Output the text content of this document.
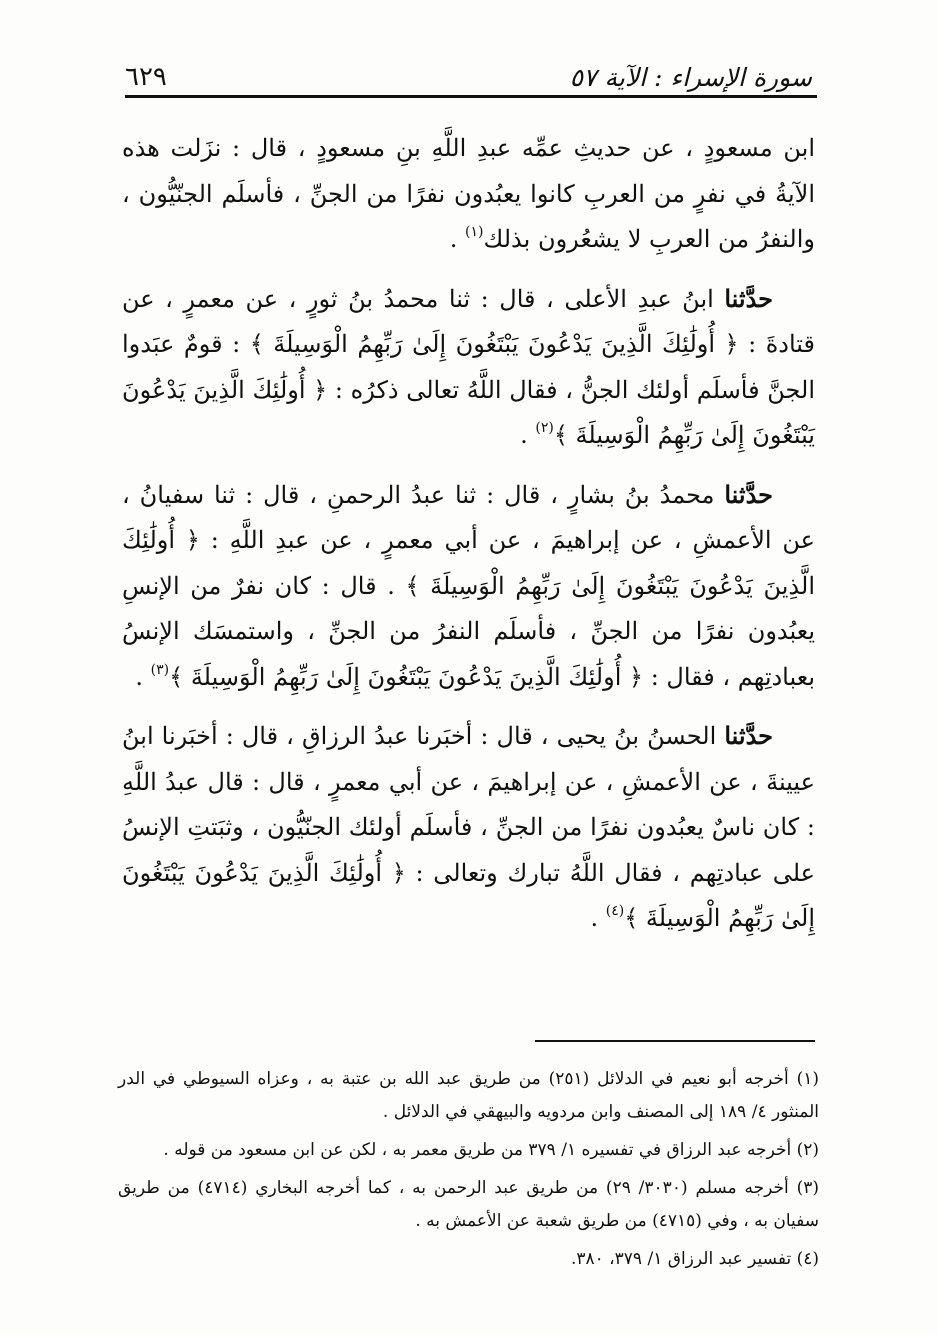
سورة الإسراء : الآية ٥٧
٦٢٩

ابن مسعودٍ ، عن حديثِ عمِّه عبدِ اللَّهِ بنِ مسعودٍ ، قال : نزَلت هذه الآيةُ في نفرٍ من العربِ كانوا يعبُدون نفرًا من الجنِّ ، فأسلَم الجنّيُّون ، والنفرُ من العربِ لا يشعُرون بذلك$^{(١)}$ .

حدَّثنا ابنُ عبدِ الأعلى ، قال : ثنا محمدُ بنُ ثورٍ ، عن معمرٍ ، عن قتادةَ : ﴿ أُولَٰئِكَ الَّذِينَ يَدْعُونَ يَبْتَغُونَ إِلَىٰ رَبِّهِمُ الْوَسِيلَةَ ﴾ : قومٌ عبَدوا الجنَّ فأسلَم أولئك الجنُّ ، فقال اللَّهُ تعالى ذكرُه : ﴿ أُولَٰئِكَ الَّذِينَ يَدْعُونَ يَبْتَغُونَ إِلَىٰ رَبِّهِمُ الْوَسِيلَةَ ﴾$^{(٢)}$ .

حدَّثنا محمدُ بنُ بشارٍ ، قال : ثنا عبدُ الرحمنِ ، قال : ثنا سفيانُ ، عن الأعمشِ ، عن إبراهيمَ ، عن أبي معمرٍ ، عن عبدِ اللَّهِ : ﴿ أُولَٰئِكَ الَّذِينَ يَدْعُونَ يَبْتَغُونَ إِلَىٰ رَبِّهِمُ الْوَسِيلَةَ ﴾ . قال : كان نفرٌ من الإنسِ يعبُدون نفرًا من الجنِّ ، فأسلَم النفرُ من الجنِّ ، واستمسَك الإنسُ بعبادتِهم ، فقال : ﴿ أُولَٰئِكَ الَّذِينَ يَدْعُونَ يَبْتَغُونَ إِلَىٰ رَبِّهِمُ الْوَسِيلَةَ ﴾$^{(٣)}$ .

حدَّثنا الحسنُ بنُ يحيى ، قال : أخبَرنا عبدُ الرزاقِ ، قال : أخبَرنا ابنُ عيينةَ ، عن الأعمشِ ، عن إبراهيمَ ، عن أبي معمرٍ ، قال : قال عبدُ اللَّهِ : كان ناسٌ يعبُدون نفرًا من الجنِّ ، فأسلَم أولئك الجنّيُّون ، وثبَتتِ الإنسُ على عبادتِهم ، فقال اللَّهُ تبارك وتعالى : ﴿ أُولَٰئِكَ الَّذِينَ يَدْعُونَ يَبْتَغُونَ إِلَىٰ رَبِّهِمُ الْوَسِيلَةَ ﴾$^{(٤)}$ .

(١) أخرجه أبو نعيم في الدلائل (٢٥١) من طريق عبد الله بن عتبة به ، وعزاه السيوطي في الدر المنثور ٤/ ١٨٩ إلى المصنف وابن مردويه والبيهقي في الدلائل .

(٢) أخرجه عبد الرزاق في تفسيره ١/ ٣٧٩ من طريق معمر به ، لكن عن ابن مسعود من قوله .

(٣) أخرجه مسلم (٣٠٣٠/ ٢٩) من طريق عبد الرحمن به ، كما أخرجه البخاري (٤٧١٤) من طريق سفيان به ، وفي (٤٧١٥) من طريق شعبة عن الأعمش به .

(٤) تفسير عبد الرزاق ١/ ٣٧٩، ٣٨٠.
